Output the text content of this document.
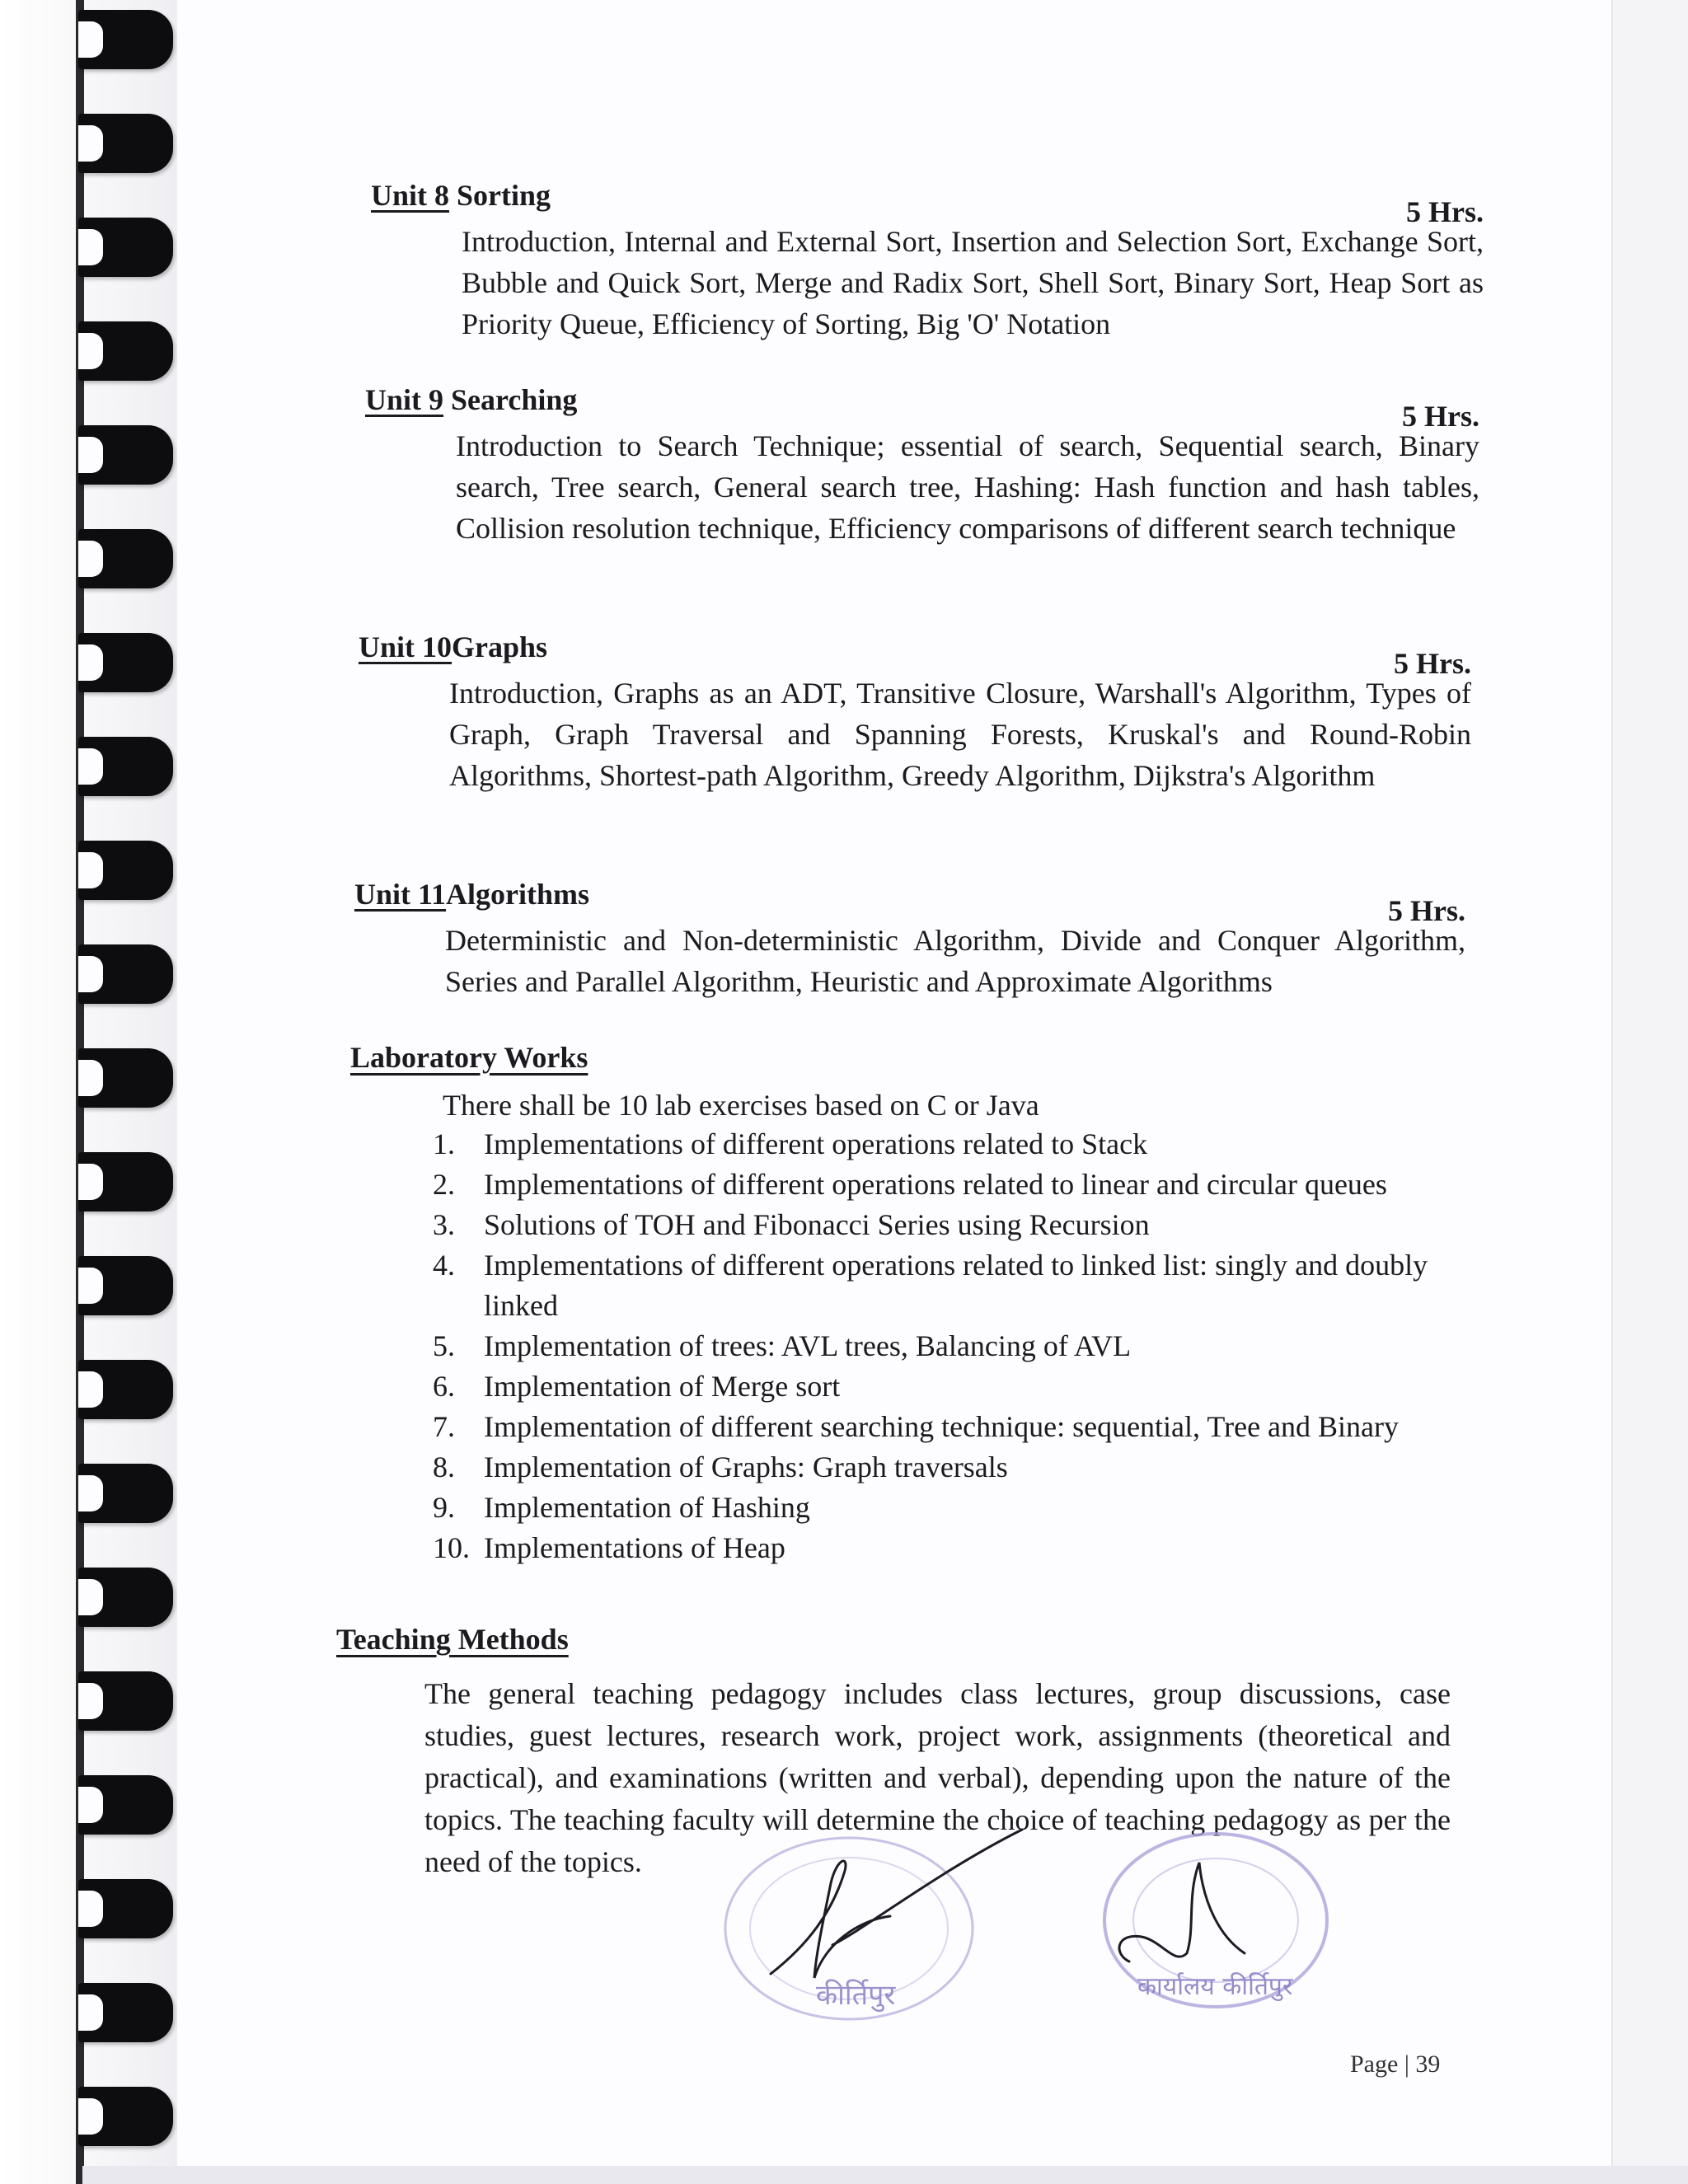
Unit 8 Sorting	5 Hrs.
Introduction, Internal and External Sort, Insertion and Selection Sort, Exchange Sort, Bubble and Quick Sort, Merge and Radix Sort, Shell Sort, Binary Sort, Heap Sort as Priority Queue, Efficiency of Sorting, Big 'O' Notation
Unit 9 Searching	5 Hrs.
Introduction to Search Technique; essential of search, Sequential search, Binary search, Tree search, General search tree, Hashing: Hash function and hash tables, Collision resolution technique, Efficiency comparisons of different search technique
Unit 10Graphs	5 Hrs.
Introduction, Graphs as an ADT, Transitive Closure, Warshall's Algorithm, Types of Graph, Graph Traversal and Spanning Forests, Kruskal's and Round-Robin Algorithms, Shortest-path Algorithm, Greedy Algorithm, Dijkstra's Algorithm
Unit 11Algorithms	5 Hrs.
Deterministic and Non-deterministic Algorithm, Divide and Conquer Algorithm, Series and Parallel Algorithm, Heuristic and Approximate Algorithms
Laboratory Works
There shall be 10 lab exercises based on C or Java
1. Implementations of different operations related to Stack
2. Implementations of different operations related to linear and circular queues
3. Solutions of TOH and Fibonacci Series using Recursion
4. Implementations of different operations related to linked list: singly and doubly linked
5. Implementation of trees: AVL trees, Balancing of AVL
6. Implementation of Merge sort
7. Implementation of different searching technique: sequential, Tree and Binary
8. Implementation of Graphs: Graph traversals
9. Implementation of Hashing
10. Implementations of Heap
Teaching Methods
The general teaching pedagogy includes class lectures, group discussions, case studies, guest lectures, research work, project work, assignments (theoretical and practical), and examinations (written and verbal), depending upon the nature of the topics. The teaching faculty will determine the choice of teaching pedagogy as per the need of the topics.
कीर्तिपुर	कार्यालय कीर्तिपुर
Page | 39
